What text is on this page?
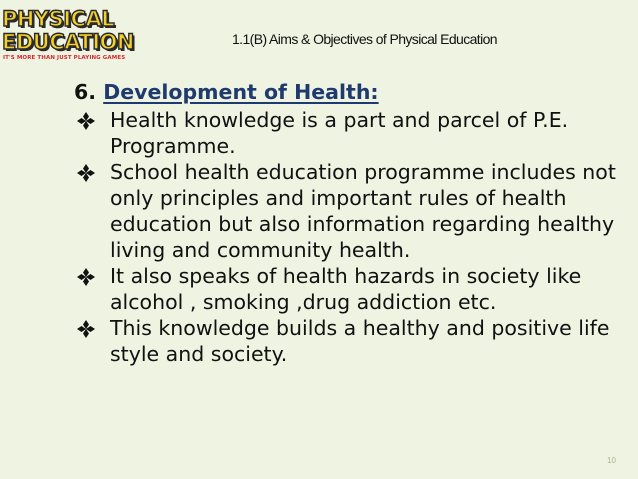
PHYSICAL
EDUCATION
IT'S MORE THAN JUST PLAYING GAMES
1.1(B) Aims & Objectives of Physical Education
6. Development of Health:
Health knowledge is a part and parcel of P.E. Programme.
School health education programme includes not only principles and important rules of health education but also information regarding healthy living and community health.
It also speaks of health hazards in society like alcohol , smoking ,drug addiction etc.
This knowledge builds a healthy and positive life style and society.
10
